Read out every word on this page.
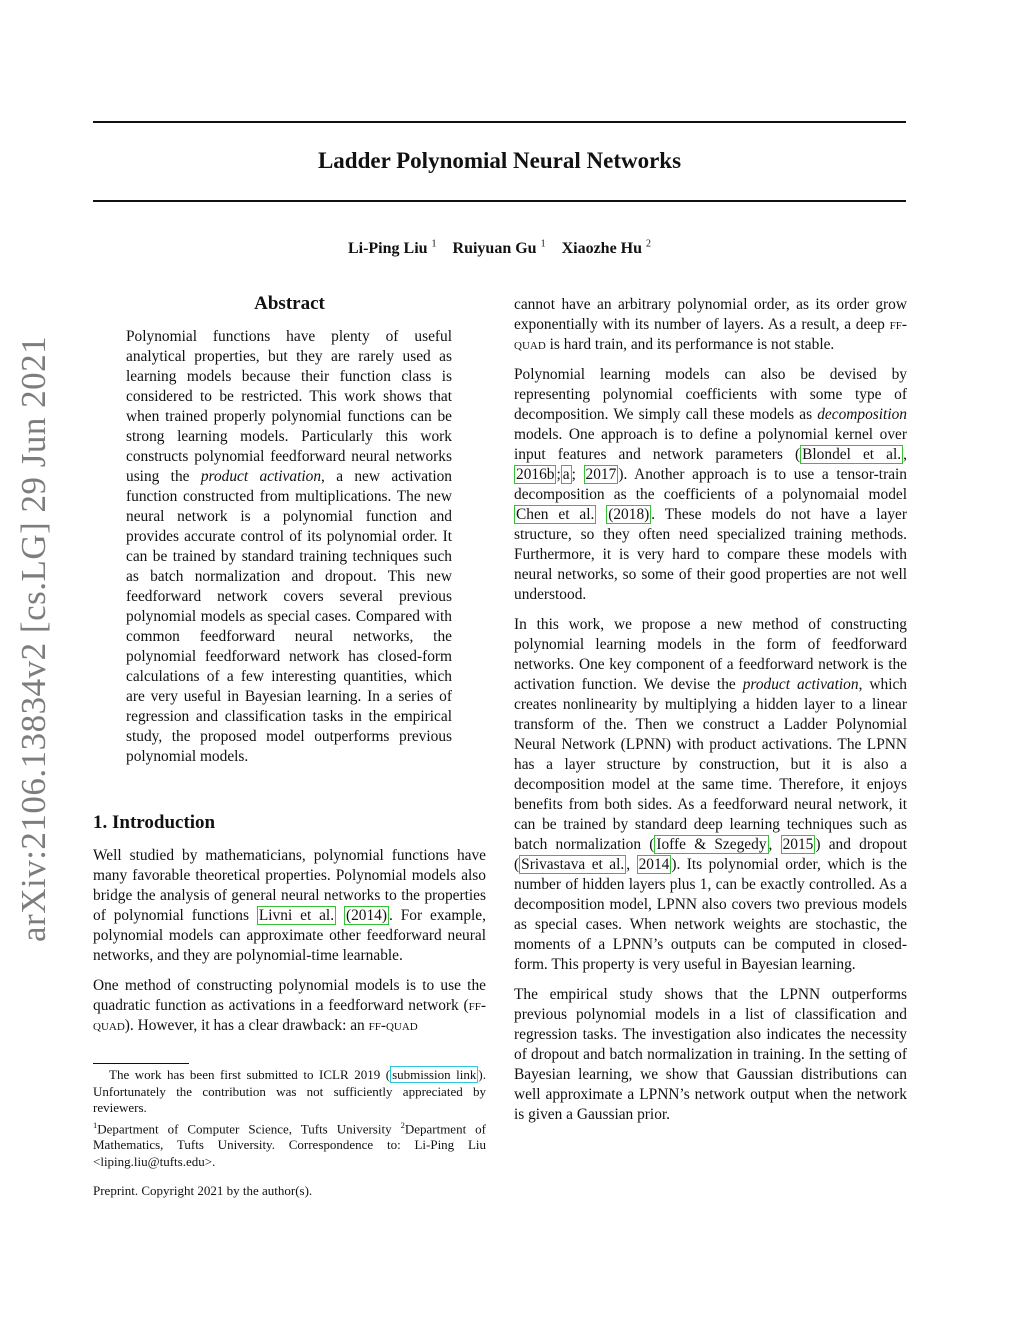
Ladder Polynomial Neural Networks
Li-Ping Liu $^1$ Ruiyuan Gu $^1$ Xiaozhe Hu $^2$
arXiv:2106.13834v2 [cs.LG] 29 Jun 2021
Abstract

Polynomial functions have plenty of useful analytical properties, but they are rarely used as learning models because their function class is considered to be restricted. This work shows that when trained properly polynomial functions can be strong learning models. Particularly this work constructs polynomial feedforward neural networks using the product activation, a new activation function constructed from multiplications. The new neural network is a polynomial function and provides accurate control of its polynomial order. It can be trained by standard training techniques such as batch normalization and dropout. This new feedforward network covers several previous polynomial models as special cases. Compared with common feedforward neural networks, the polynomial feedforward network has closed-form calculations of a few interesting quantities, which are very useful in Bayesian learning. In a series of regression and classification tasks in the empirical study, the proposed model outperforms previous polynomial models.

1. Introduction

Well studied by mathematicians, polynomial functions have many favorable theoretical properties. Polynomial models also bridge the analysis of general neural networks to the properties of polynomial functions Livni et al. (2014) . For example, polynomial models can approximate other feedforward neural networks, and they are polynomial-time learnable.

One method of constructing polynomial models is to use the quadratic function as activations in a feedforward network (ff-quad). However, it has a clear drawback: an ff-quad

The work has been first submitted to ICLR 2019 ( submission link ). Unfortunately the contribution was not sufficiently appreciated by reviewers.

$^1$Department of Computer Science, Tufts University $^2$Department of Mathematics, Tufts University. Correspondence to: Li-Ping Liu <liping.liu@tufts.edu>.

Preprint. Copyright 2021 by the author(s).

cannot have an arbitrary polynomial order, as its order grow exponentially with its number of layers. As a result, a deep ff-quad is hard train, and its performance is not stable.

Polynomial learning models can also be devised by representing polynomial coefficients with some type of decomposition. We simply call these models as decomposition models. One approach is to define a polynomial kernel over input features and network parameters ( Blondel et al. , 2016b ; a ; 2017 ). Another approach is to use a tensor-train decomposition as the coefficients of a polynomaial model Chen et al. (2018) . These models do not have a layer structure, so they often need specialized training methods. Furthermore, it is very hard to compare these models with neural networks, so some of their good properties are not well understood.

In this work, we propose a new method of constructing polynomial learning models in the form of feedforward networks. One key component of a feedforward network is the activation function. We devise the product activation, which creates nonlinearity by multiplying a hidden layer to a linear transform of the. Then we construct a Ladder Polynomial Neural Network (LPNN) with product activations. The LPNN has a layer structure by construction, but it is also a decomposition model at the same time. Therefore, it enjoys benefits from both sides. As a feedforward neural network, it can be trained by standard deep learning techniques such as batch normalization ( Ioffe & Szegedy , 2015 ) and dropout ( Srivastava et al. , 2014 ). Its polynomial order, which is the number of hidden layers plus 1, can be exactly controlled. As a decomposition model, LPNN also covers two previous models as special cases. When network weights are stochastic, the moments of a LPNN’s outputs can be computed in closed-form. This property is very useful in Bayesian learning.

The empirical study shows that the LPNN outperforms previous polynomial models in a list of classification and regression tasks. The investigation also indicates the necessity of dropout and batch normalization in training. In the setting of Bayesian learning, we show that Gaussian distributions can well approximate a LPNN’s network output when the network is given a Gaussian prior.
